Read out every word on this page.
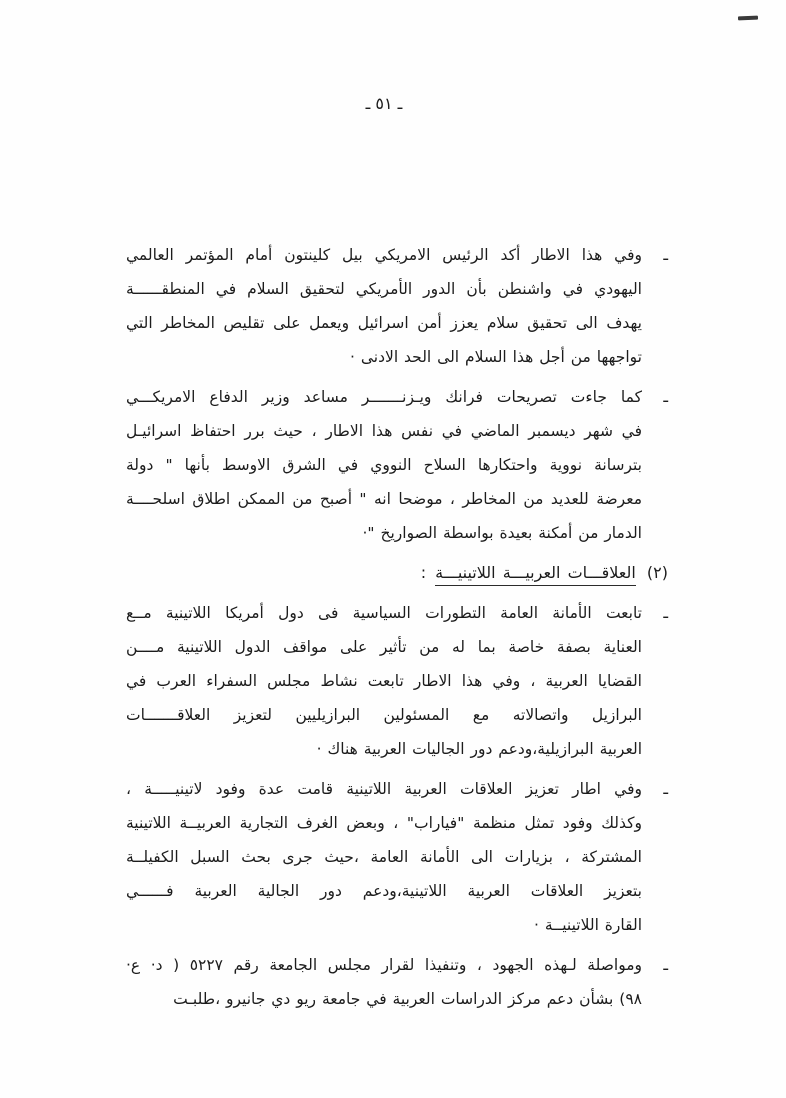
ـ ٥١ ـ
ـ
وفي هذا الاطار أكد الرئيس الامريكي بيل كلينتون أمام المؤتمر العالمي
اليهودي في واشنطن بأن الدور الأمريكي لتحقيق السلام في المنطقــــــة
يهدف الى تحقيق سلام يعزز أمن اسرائيل ويعمل على تقليص المخاطر التي
تواجهها من أجل هذا السلام الى الحد الادنى ·
ـ
كما جاءت تصريحات فرانك ويـزنـــــــر مساعد وزير الدفاع الامريكـــي
في شهر ديسمبر الماضي في نفس هذا الاطار ، حيث برر احتفاظ اسرائيـل
بترسانة نووية واحتكارها السلاح النووي في الشرق الاوسط بأنها " دولة
معرضة للعديد من المخاطر ، موضحا انه " أصبح من الممكن اطلاق اسلحــــة
الدمار من أمكنة بعيدة بواسطة الصواريخ "·
(٢) العلاقـــات العربيـــة اللاتينيـــة :
ـ
تابعت الأمانة العامة التطورات السياسية فى دول أمريكا اللاتينية مــع
العناية بصفة خاصة بما له من تأثير على مواقف الدول اللاتينية مــــن
القضايا العربية ، وفي هذا الاطار تابعت نشاط مجلس السفراء العرب في
البرازيل واتصالاته مع المسئولين البرازيليين لتعزيز العلاقـــــــات
العربية البرازيلية،ودعم دور الجاليات العربية هناك ·
ـ
وفي اطار تعزيز العلاقات العربية اللاتينية قامت عدة وفود لاتينيـــــة ،
وكذلك وفود تمثل منظمة "فياراب" ، وبعض الغرف التجارية العربيــة اللاتينية
المشتركة ، بزيارات الى الأمانة العامة ،حيث جرى بحث السبل الكفيلــة
بتعزيز العلاقات العربية اللاتينية،ودعم دور الجالية العربية فــــــي
القارة اللاتينيــة ·
ـ
ومواصلة لـهذه الجهود ، وتنفيذا لقرار مجلس الجامعة رقم ٥٢٢٧ ( د· ع·
٩٨) بشأن دعم مركز الدراسات العربية في جامعة ريو دي جانيرو ،طلبـت
